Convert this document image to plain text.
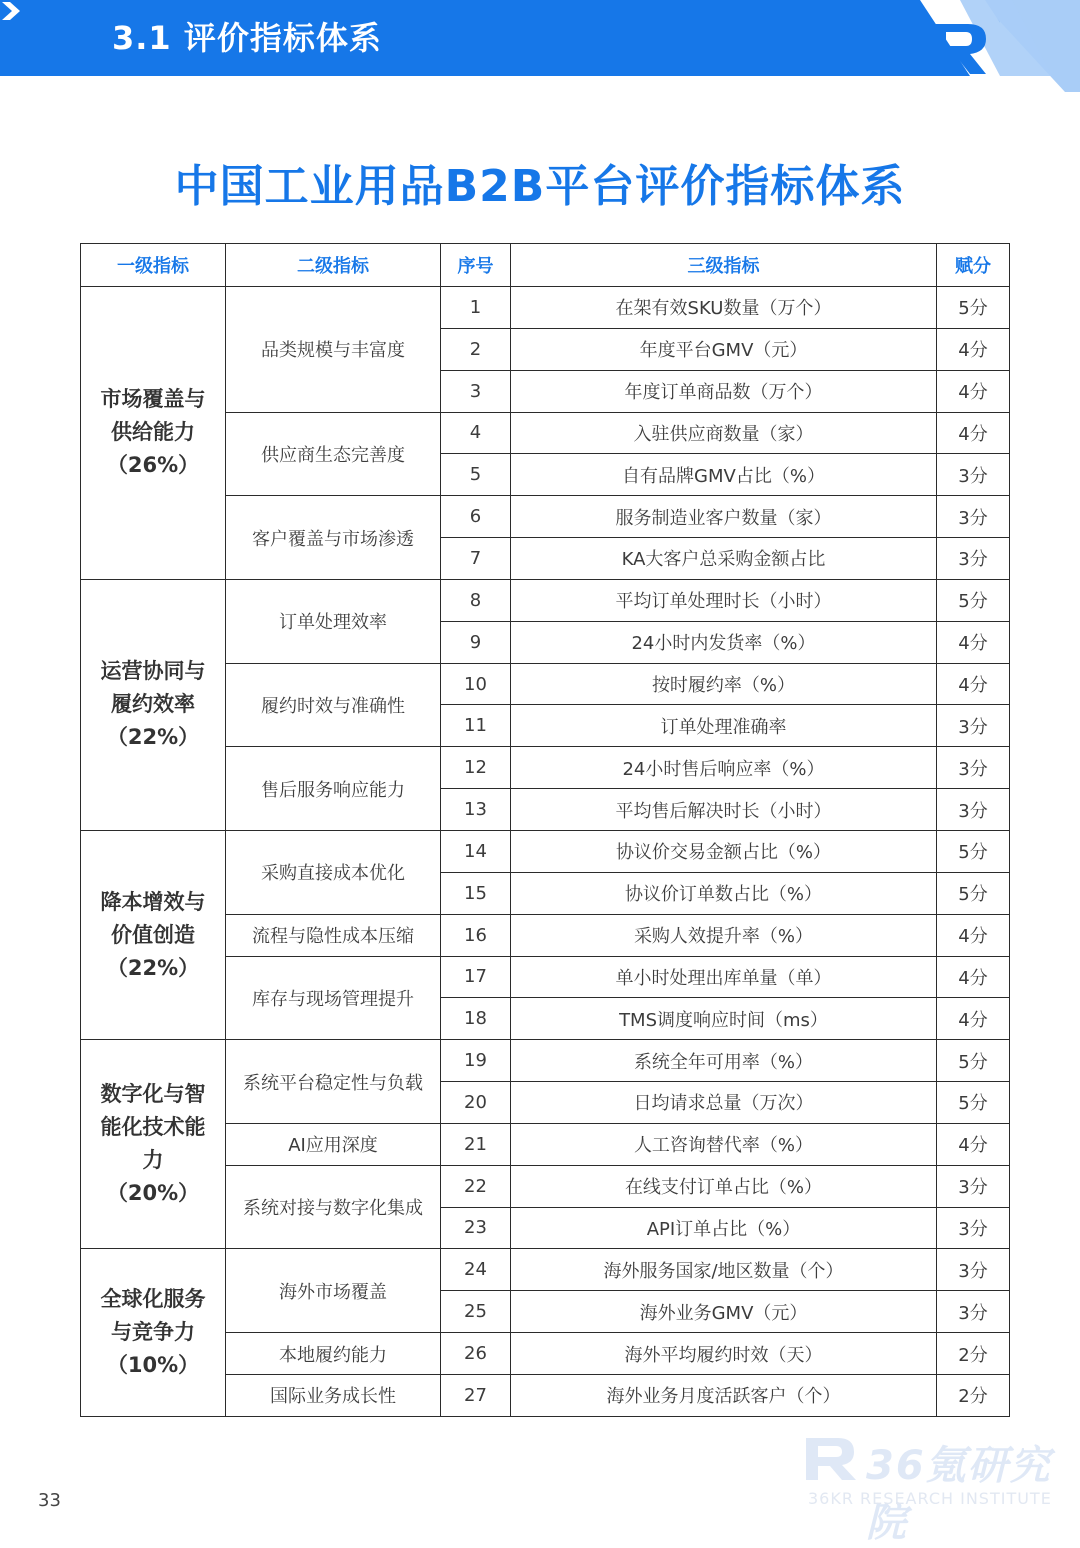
3.1 评价指标体系
中国工业用品B2B平台评价指标体系
一级指标	二级指标	序号	三级指标	赋分

市场覆盖与供给能力
（26%）	品类规模与丰富度	1	在架有效SKU数量（万个）	5分
		2	年度平台GMV（元）	4分
		3	年度订单商品数（万个）	4分
	供应商生态完善度	4	入驻供应商数量（家）	4分
		5	自有品牌GMV占比（%）	3分
	客户覆盖与市场渗透	6	服务制造业客户数量（家）	3分
		7	KA大客户总采购金额占比	3分

运营协同与履约效率
（22%）	订单处理效率	8	平均订单处理时长（小时）	5分
		9	24小时内发货率（%）	4分
	履约时效与准确性	10	按时履约率（%）	4分
		11	订单处理准确率	3分
	售后服务响应能力	12	24小时售后响应率（%）	3分
		13	平均售后解决时长（小时）	3分

降本增效与价值创造
（22%）	采购直接成本优化	14	协议价交易金额占比（%）	5分
		15	协议价订单数占比（%）	5分
	流程与隐性成本压缩	16	采购人效提升率（%）	4分
	库存与现场管理提升	17	单小时处理出库单量（单）	4分
		18	TMS调度响应时间（ms）	4分

数字化与智能化技术能力
（20%）	系统平台稳定性与负载	19	系统全年可用率（%）	5分
		20	日均请求总量（万次）	5分
	AI应用深度	21	人工咨询替代率（%）	4分
	系统对接与数字化集成	22	在线支付订单占比（%）	3分
		23	API订单占比（%）	3分

全球化服务与竞争力
（10%）	海外市场覆盖	24	海外服务国家/地区数量（个）	3分
		25	海外业务GMV（元）	3分
	本地履约能力	26	海外平均履约时效（天）	2分
	国际业务成长性	27	海外业务月度活跃客户（个）	2分
33
36氪研究院
36KR RESEARCH INSTITUTE
